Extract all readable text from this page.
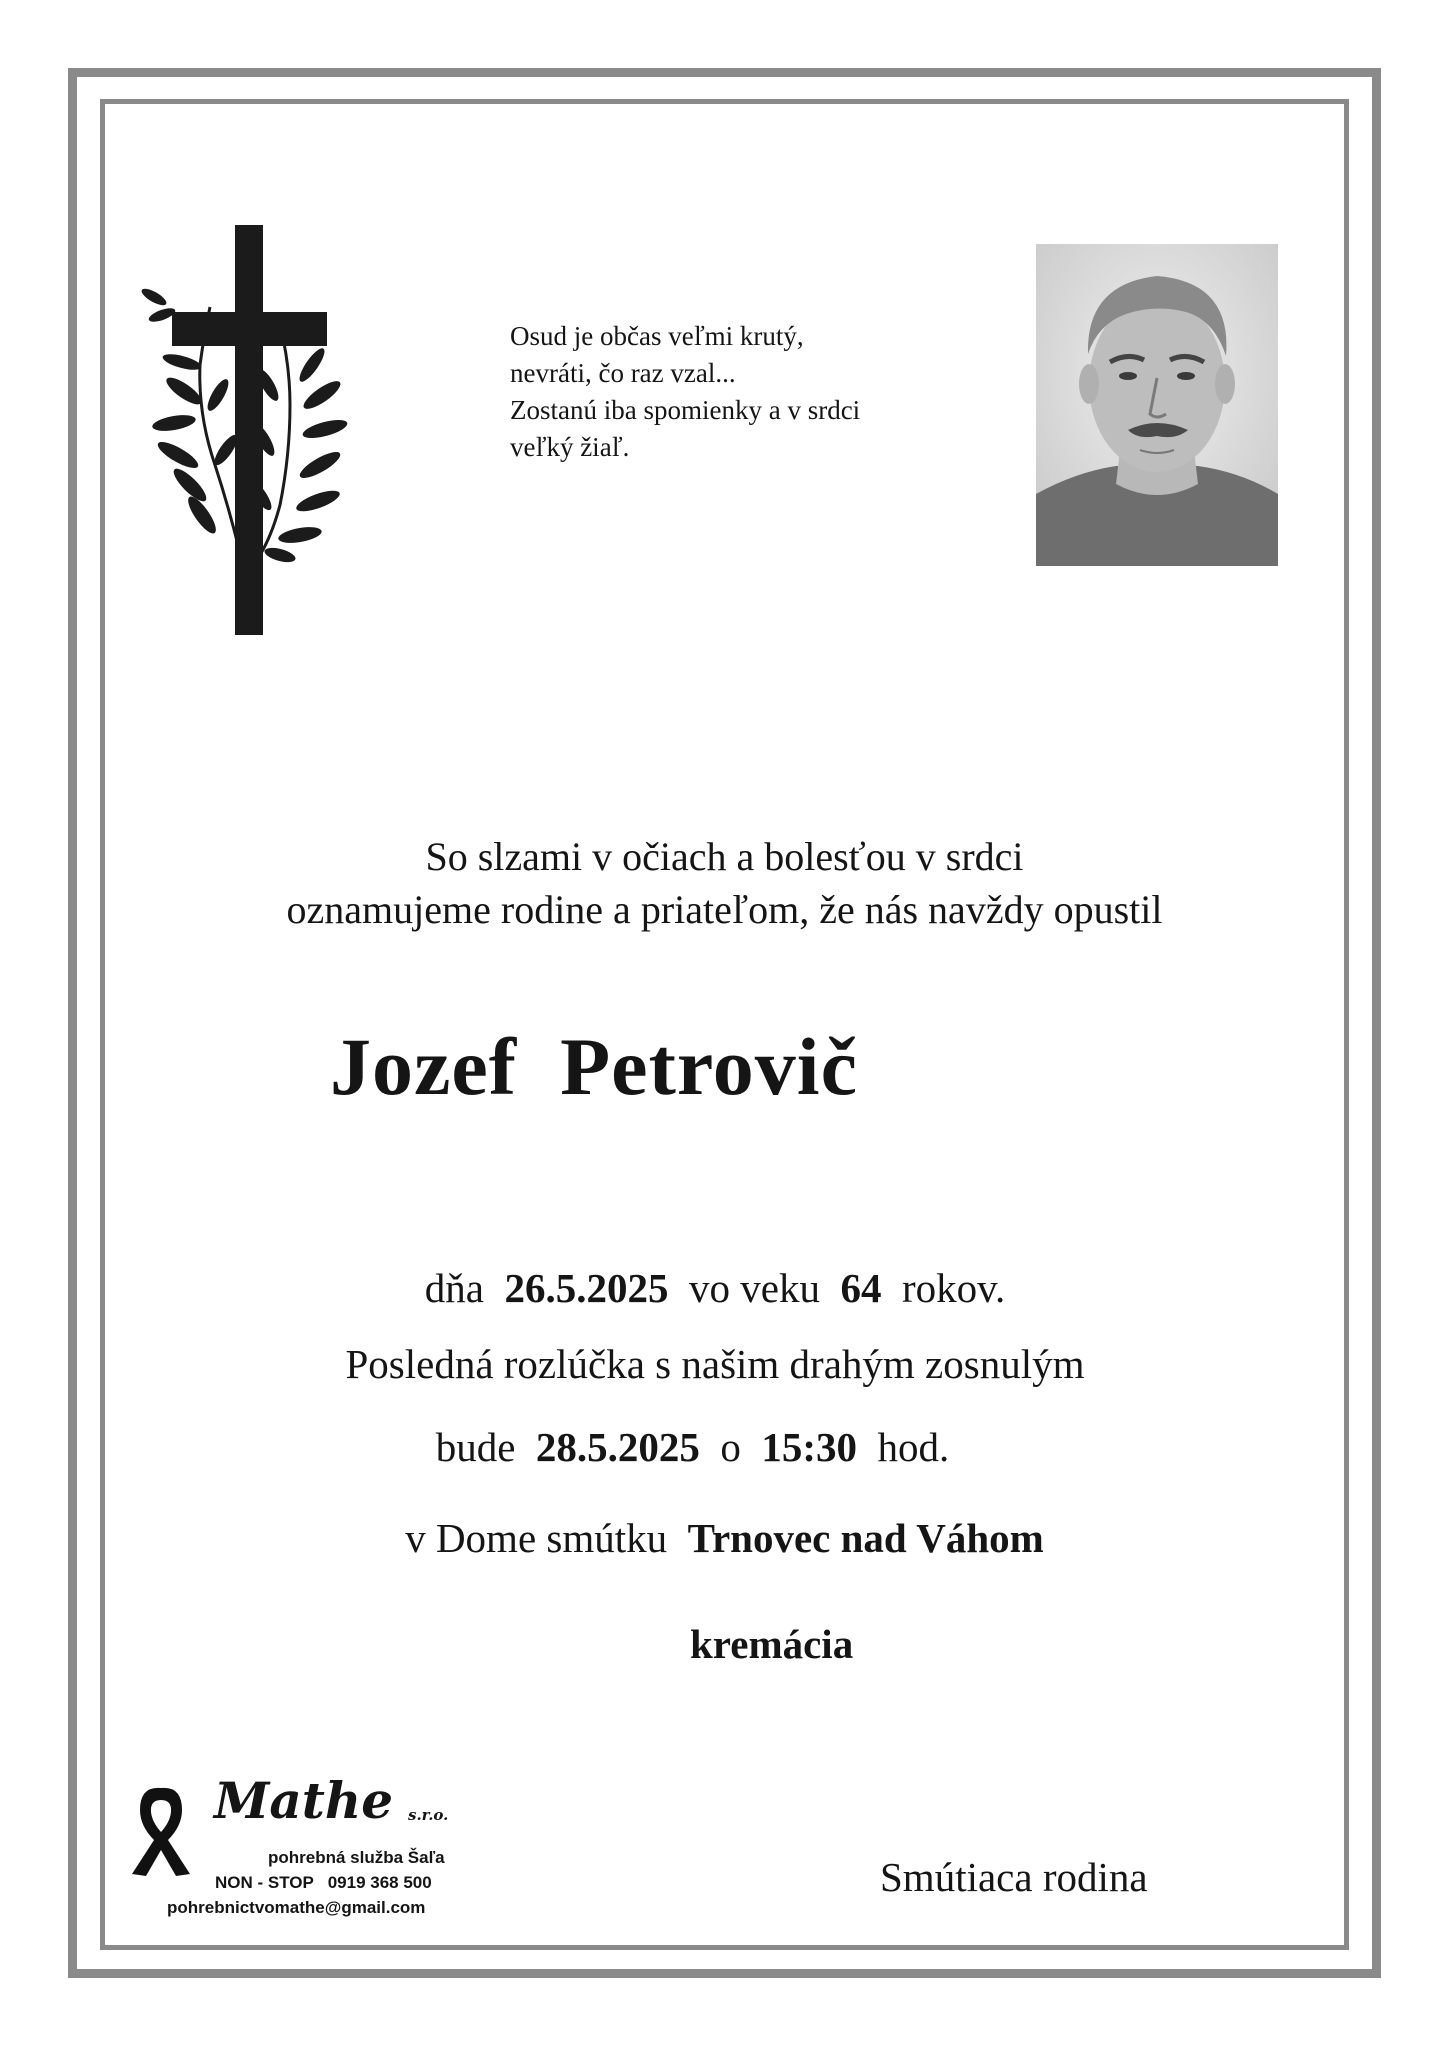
Osud je občas veľmi krutý,
nevráti, čo raz vzal...
Zostanú iba spomienky a v srdci
veľký žiaľ.
So slzami v očiach a bolesťou v srdci
oznamujeme rodine a priateľom, že nás navždy opustil
Jozef  Petrovič
dňa 26.5.2025 vo veku 64 rokov.
Posledná rozlúčka s našim drahým zosnulým
bude 28.5.2025 o 15:30 hod.
v Dome smútku Trnovec nad Váhom
kremácia
Mathe s.r.o.
pohrebná služba Šaľa
NON - STOP   0919 368 500
pohrebnictvomathe@gmail.com
Smútiaca rodina
